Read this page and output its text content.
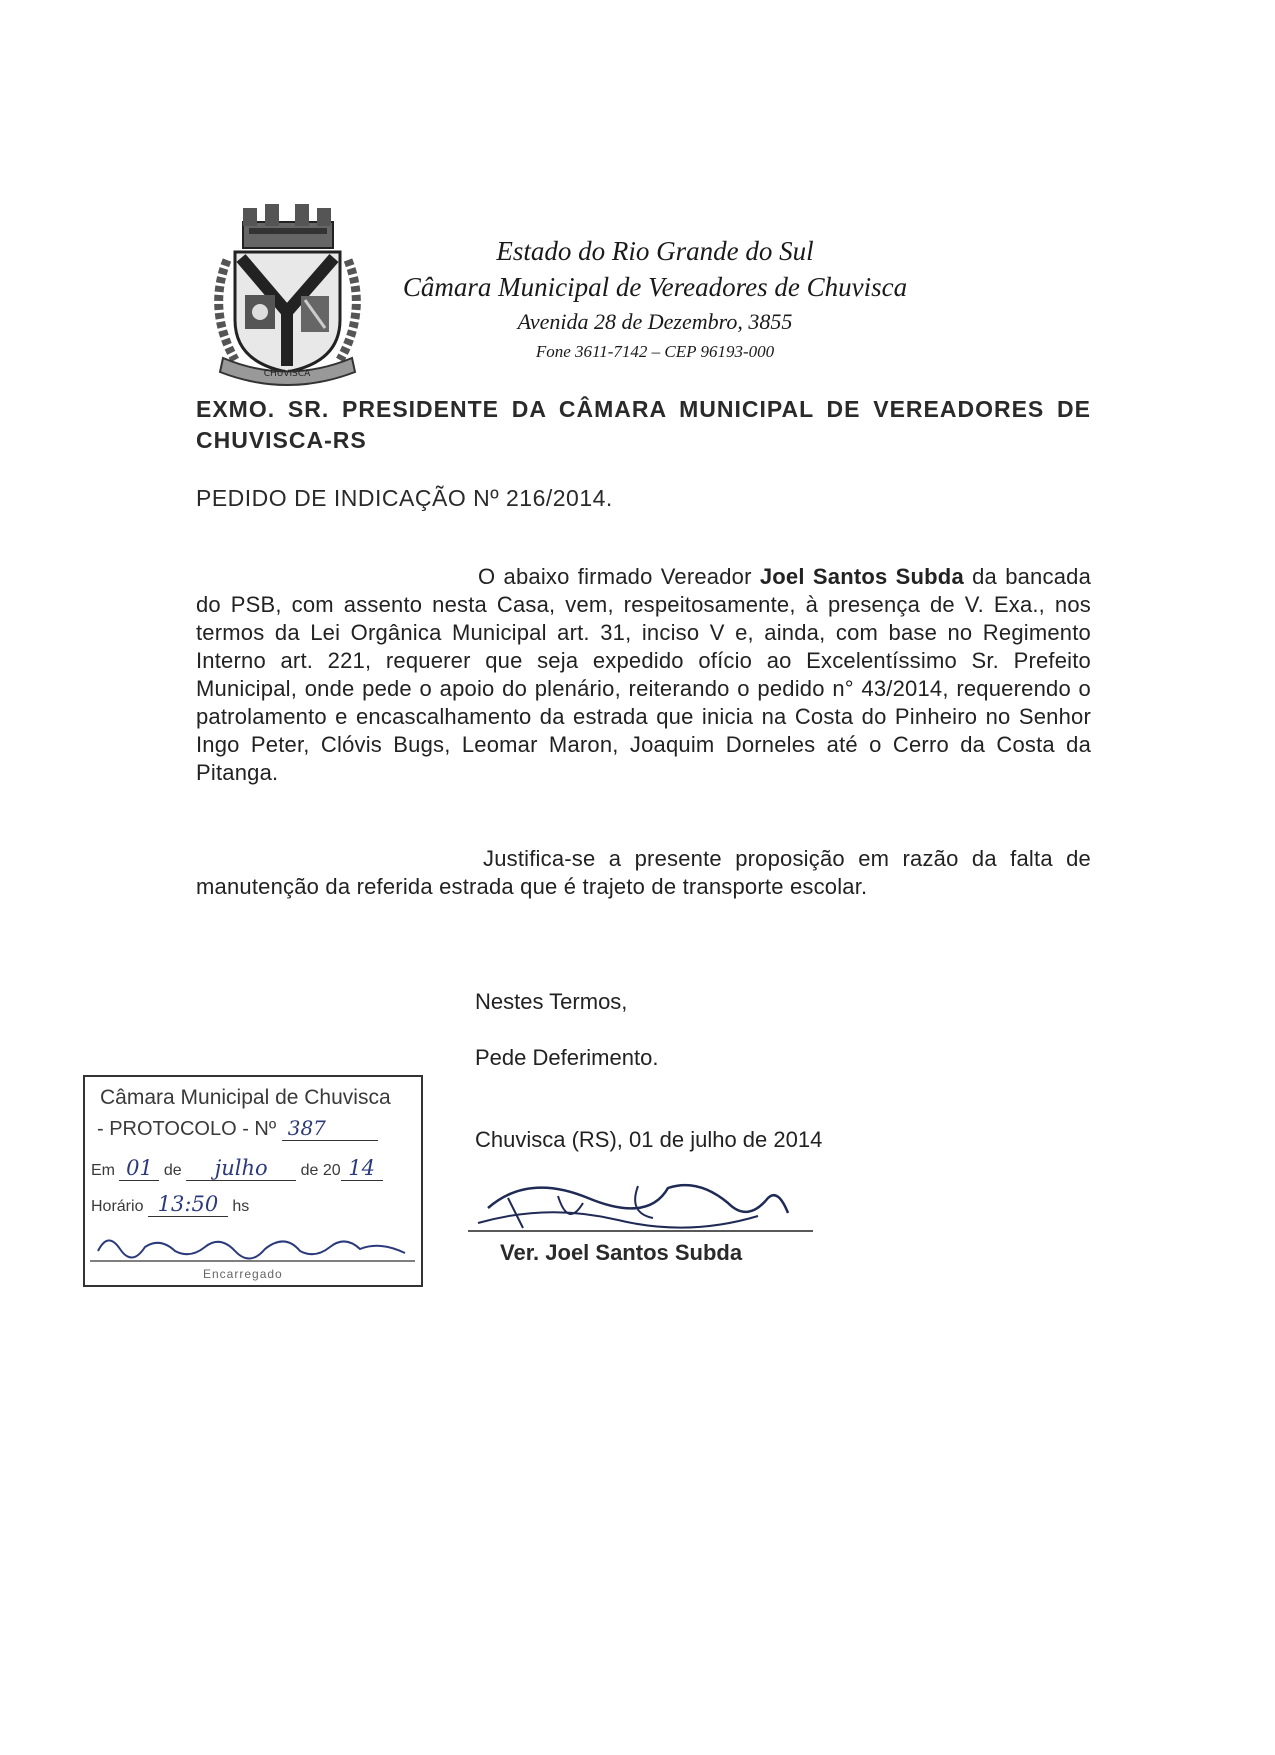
CHUVISCA
Estado do Rio Grande do Sul
Câmara Municipal de Vereadores de Chuvisca
Avenida 28 de Dezembro, 3855
Fone 3611-7142 – CEP 96193-000
EXMO. SR. PRESIDENTE DA CÂMARA MUNICIPAL DE VEREADORES DE CHUVISCA-RS
PEDIDO DE INDICAÇÃO Nº 216/2014.
O abaixo firmado Vereador Joel Santos Subda da bancada do PSB, com assento nesta Casa, vem, respeitosamente, à presença de V. Exa., nos termos da Lei Orgânica Municipal art. 31, inciso V e, ainda, com base no Regimento Interno art. 221, requerer que seja expedido ofício ao Excelentíssimo Sr. Prefeito Municipal, onde pede o apoio do plenário, reiterando o pedido n° 43/2014, requerendo o patrolamento e encascalhamento da estrada que inicia na Costa do Pinheiro no Senhor Ingo Peter, Clóvis Bugs, Leomar Maron, Joaquim Dorneles até o Cerro da Costa da Pitanga.
Justifica-se a presente proposição em razão da falta de manutenção da referida estrada que é trajeto de transporte escolar.
Nestes Termos,
Pede Deferimento.
Chuvisca (RS), 01 de julho de 2014
Ver. Joel Santos Subda
Câmara Municipal de Chuvisca
- PROTOCOLO - Nº 387
Em 01 de julho de 20 14
Horário 13:50 hs
Encarregado
